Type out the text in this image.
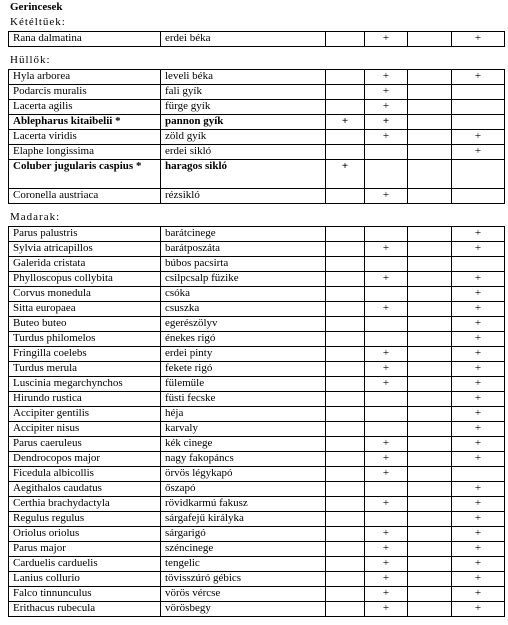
Gerincesek
Kétéltűek:
Rana dalmatina	erdei béka		+		+	
Hüllők:
Hyla arborea	leveli béka		+		+	
Podarcis muralis	fali gyík		+			
Lacerta agilis	fürge gyík		+			
Ablepharus kitaibelii *	pannon gyík	+	+			
Lacerta viridis	zöld gyík		+		+	
Elaphe longissima	erdei sikló				+	
Coluber jugularis caspius *	haragos sikló	+				
Coronella austriaca	rézsikló		+			
Madarak:
Parus palustris	barátcinege				+	
Sylvia atricapillos	barátposzáta		+		+	
Galerida cristata	búbos pacsirta					
Phylloscopus collybita	csilpcsalp füzike		+		+	
Corvus monedula	csóka				+	
Sitta europaea	csuszka		+		+	
Buteo buteo	egerészölyv				+	
Turdus philomelos	énekes rigó				+	
Fringilla coelebs	erdei pinty		+		+	
Turdus merula	fekete rigó		+		+	
Luscinia megarchynchos	fülemüle		+		+	
Hirundo rustica	füsti fecske				+	
Accipiter gentilis	héja				+	
Accipiter nisus	karvaly				+	
Parus caeruleus	kék cinege		+		+	
Dendrocopos major	nagy fakopáncs		+		+	
Ficedula albicollis	örvös légykapó		+			
Aegithalos caudatus	őszapó				+	
Certhia brachydactyla	rövidkarmú fakusz		+		+	
Regulus regulus	sárgafejű királyka				+	
Oriolus oriolus	sárgarigó		+		+	
Parus major	széncinege		+		+	
Carduelis carduelis	tengelic		+		+	
Lanius collurio	tövisszúró gébics		+		+	
Falco tinnunculus	vörös vércse		+		+	
Erithacus rubecula	vörösbegy		+		+	
